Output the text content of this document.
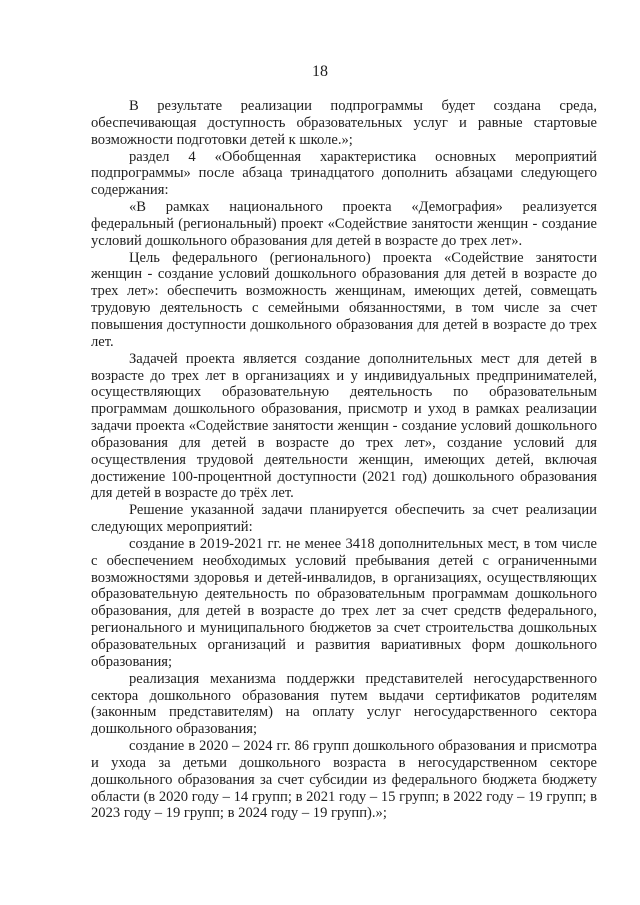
18

В результате реализации подпрограммы будет создана среда, обеспечивающая доступность образовательных услуг и равные стартовые возможности подготовки детей к школе.»;

раздел 4 «Обобщенная характеристика основных мероприятий подпрограммы» после абзаца тринадцатого дополнить абзацами следующего содержания:

«В рамках национального проекта «Демография» реализуется федеральный (региональный) проект «Содействие занятости женщин - создание условий дошкольного образования для детей в возрасте до трех лет».

Цель федерального (регионального) проекта «Содействие занятости женщин - создание условий дошкольного образования для детей в возрасте до трех лет»: обеспечить возможность женщинам, имеющих детей, совмещать трудовую деятельность с семейными обязанностями, в том числе за счет повышения доступности дошкольного образования для детей в возрасте до трех лет.

Задачей проекта является создание дополнительных мест для детей в возрасте до трех лет в организациях и у индивидуальных предпринимателей, осуществляющих образовательную деятельность по образовательным программам дошкольного образования, присмотр и уход в рамках реализации задачи проекта «Содействие занятости женщин - создание условий дошкольного образования для детей в возрасте до трех лет», создание условий для осуществления трудовой деятельности женщин, имеющих детей, включая достижение 100-процентной доступности (2021 год) дошкольного образования для детей в возрасте до трёх лет.

Решение указанной задачи планируется обеспечить за счет реализации следующих мероприятий:

создание в 2019-2021 гг. не менее 3418 дополнительных мест, в том числе с обеспечением необходимых условий пребывания детей с ограниченными возможностями здоровья и детей-инвалидов, в организациях, осуществляющих образовательную деятельность по образовательным программам дошкольного образования, для детей в возрасте до трех лет за счет средств федерального, регионального и муниципального бюджетов за счет строительства дошкольных образовательных организаций и развития вариативных форм дошкольного образования;

реализация механизма поддержки представителей негосударственного сектора дошкольного образования путем выдачи сертификатов родителям (законным представителям) на оплату услуг негосударственного сектора дошкольного образования;

создание в 2020 – 2024 гг. 86 групп дошкольного образования и присмотра и ухода за детьми дошкольного возраста в негосударственном секторе дошкольного образования за счет субсидии из федерального бюджета бюджету области (в 2020 году – 14 групп; в 2021 году – 15 групп; в 2022 году – 19 групп; в 2023 году – 19 групп; в 2024 году – 19 групп).»;
